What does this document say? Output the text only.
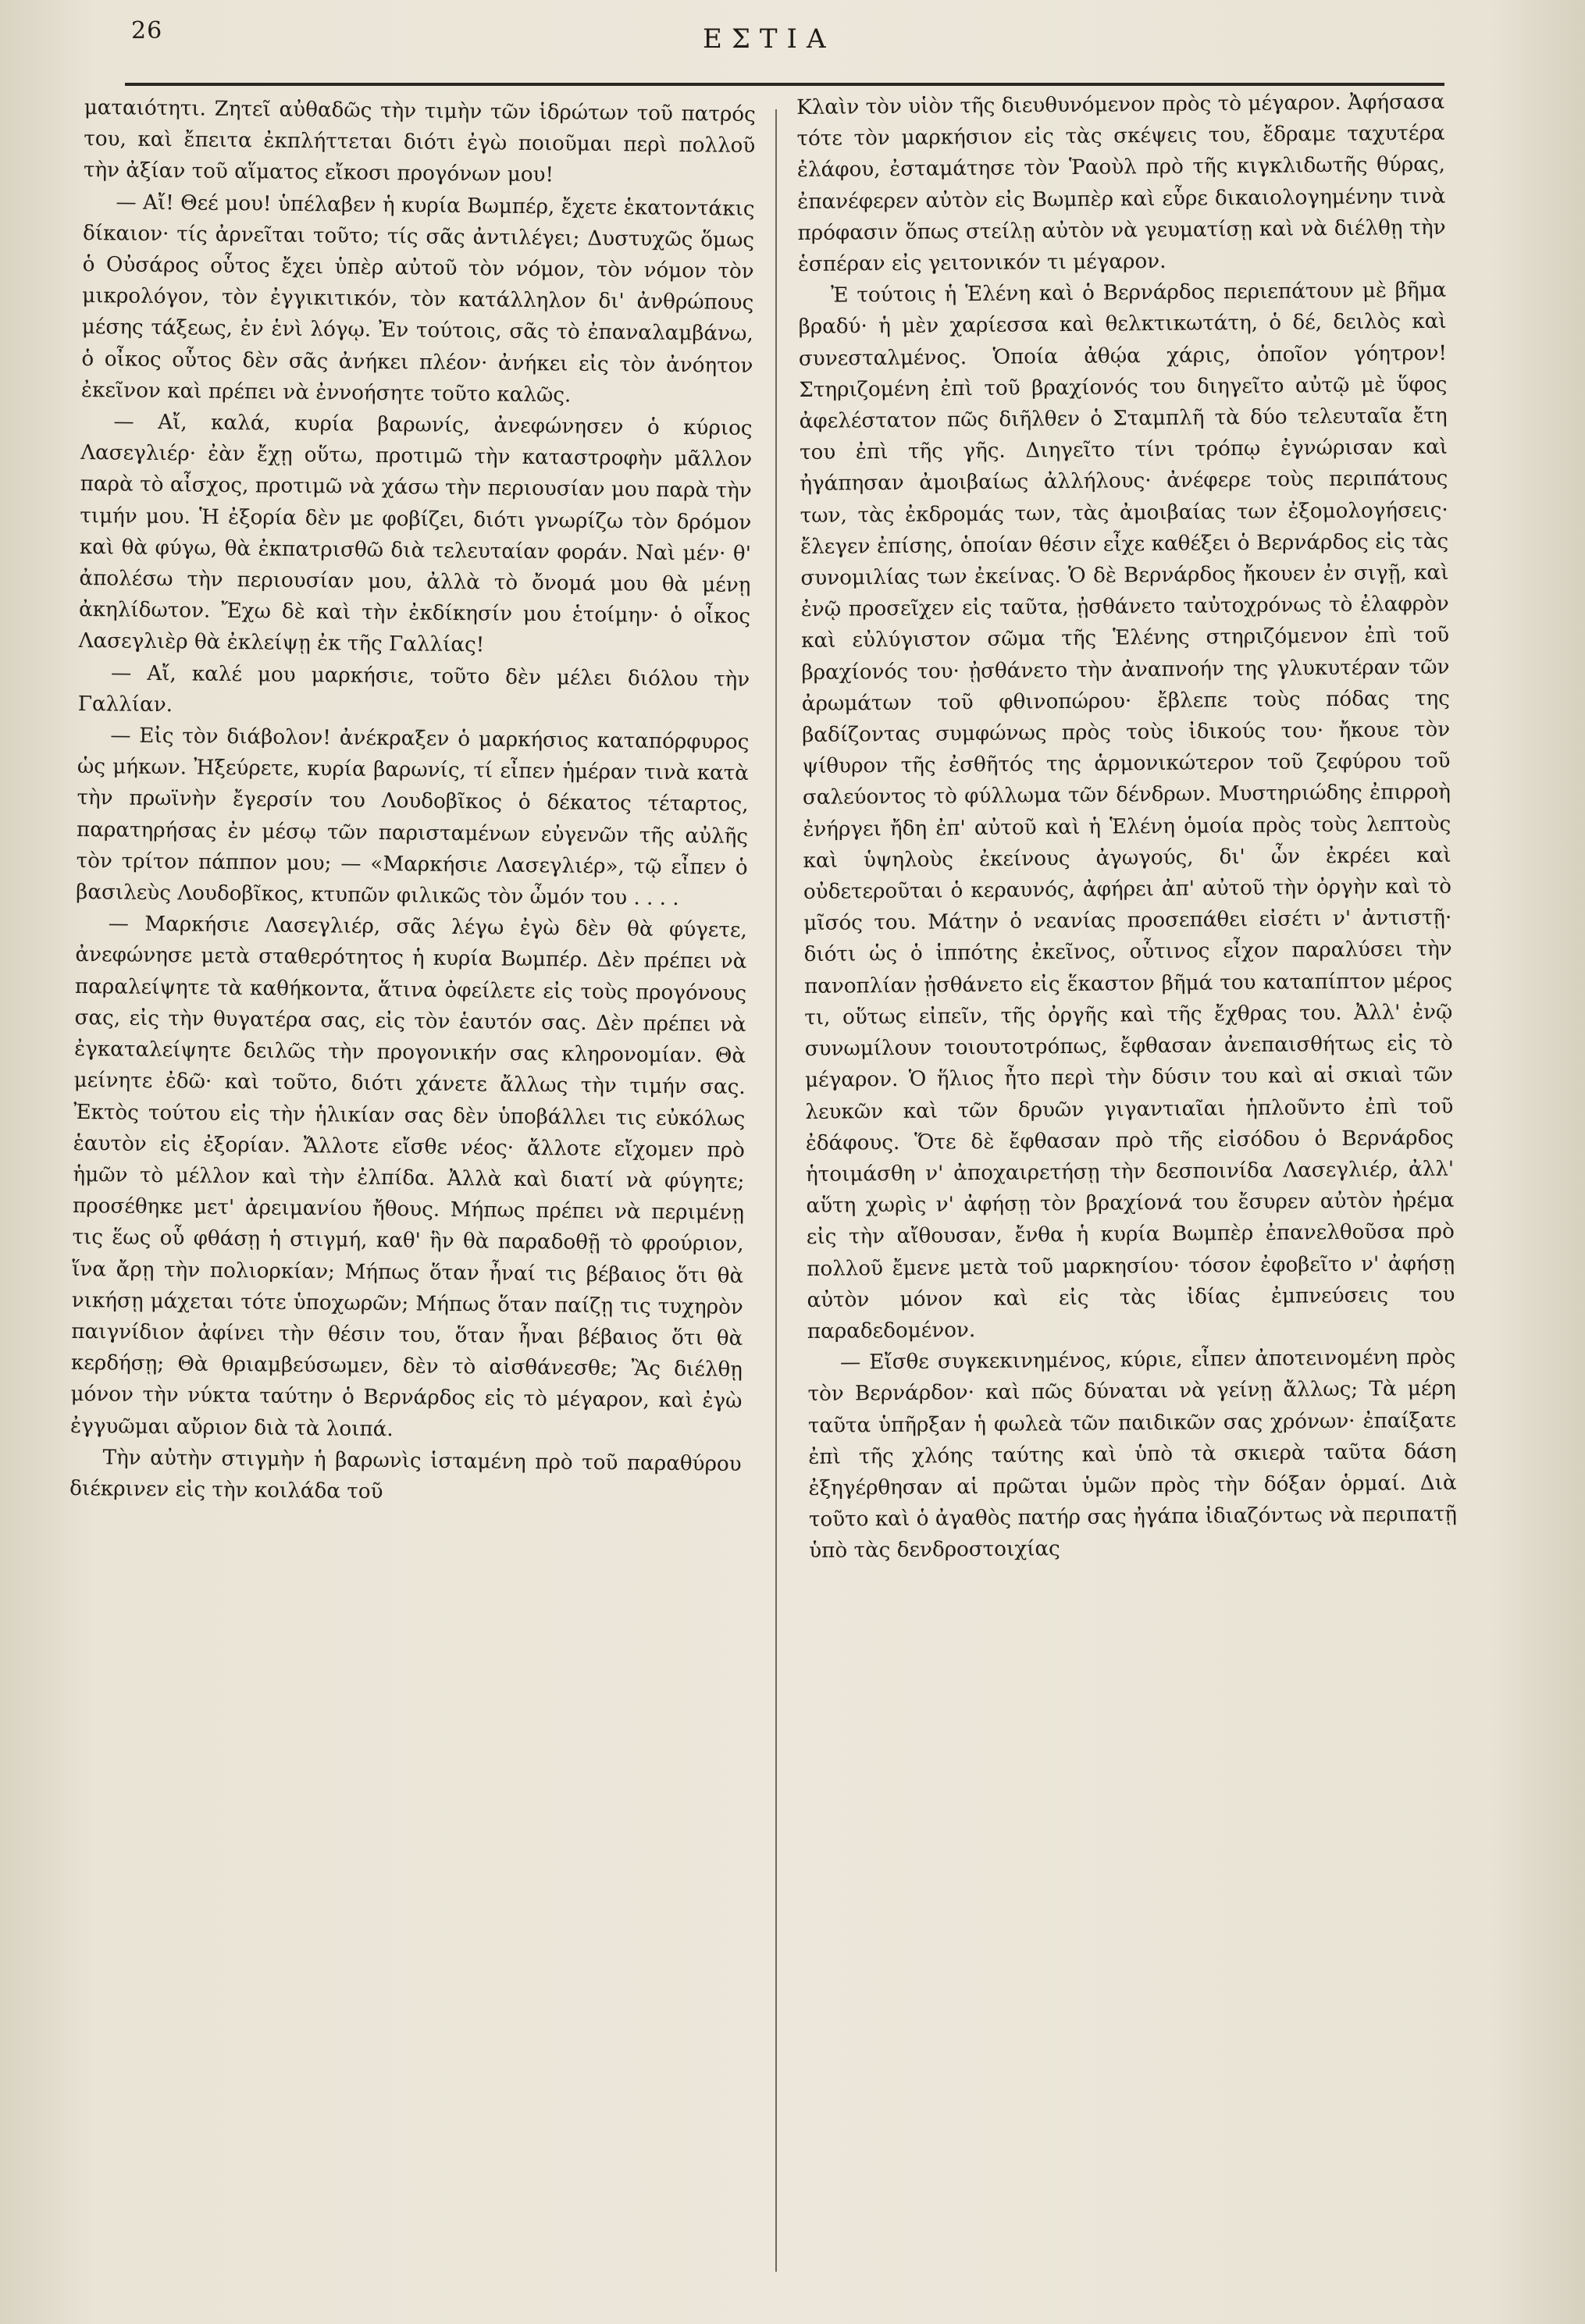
26	ΕΣΤΙΑ

ματαιότητι. Ζητεῖ αὐθαδῶς τὴν τιμὴν τῶν ἱδρώτων τοῦ πατρός του, καὶ ἔπειτα ἐκπλήττεται διότι ἐγὼ ποιοῦμαι περὶ πολλοῦ τὴν ἀξίαν τοῦ αἵματος εἴκοσι προγόνων μου!

— Αἴ! Θεέ μου! ὑπέλαβεν ἡ κυρία Βωμπέρ, ἔχετε ἑκατοντάκις δίκαιον· τίς ἀρνεῖται τοῦτο; τίς σᾶς ἀντιλέγει; Δυστυχῶς ὅμως ὁ Οὐσάρος οὗτος ἔχει ὑπὲρ αὐτοῦ τὸν νόμον, τὸν νόμον τὸν μικρολόγον, τὸν ἐγγικιτικόν, τὸν κατάλληλον δι' ἀνθρώπους μέσης τάξεως, ἐν ἑνὶ λόγῳ. Ἐν τούτοις, σᾶς τὸ ἐπαναλαμβάνω, ὁ οἶκος οὗτος δὲν σᾶς ἀνήκει πλέον· ἀνήκει εἰς τὸν ἀνόητον ἐκεῖνον καὶ πρέπει νὰ ἐννοήσητε τοῦτο καλῶς.

— Αἴ, καλά, κυρία βαρωνίς, ἀνεφώνησεν ὁ κύριος Λασεγλιέρ· ἐὰν ἔχῃ οὕτω, προτιμῶ τὴν καταστροφὴν μᾶλλον παρὰ τὸ αἶσχος, προτιμῶ νὰ χάσω τὴν περιουσίαν μου παρὰ τὴν τιμήν μου. Ἡ ἐξορία δὲν με φοβίζει, διότι γνωρίζω τὸν δρόμον καὶ θὰ φύγω, θὰ ἐκπατρισθῶ διὰ τελευταίαν φοράν. Ναὶ μέν· θ' ἀπολέσω τὴν περιουσίαν μου, ἀλλὰ τὸ ὄνομά μου θὰ μένῃ ἀκηλίδωτον. Ἔχω δὲ καὶ τὴν ἐκδίκησίν μου ἑτοίμην· ὁ οἶκος Λασεγλιὲρ θὰ ἐκλείψῃ ἐκ τῆς Γαλλίας!

— Αἴ, καλέ μου μαρκήσιε, τοῦτο δὲν μέλει διόλου τὴν Γαλλίαν.

— Εἰς τὸν διάβολον! ἀνέκραξεν ὁ μαρκήσιος καταπόρφυρος ὡς μήκων. Ἠξεύρετε, κυρία βαρωνίς, τί εἶπεν ἡμέραν τινὰ κατὰ τὴν πρωϊνὴν ἔγερσίν του Λουδοβῖκος ὁ δέκατος τέταρτος, παρατηρήσας ἐν μέσῳ τῶν παρισταμένων εὐγενῶν τῆς αὐλῆς τὸν τρίτον πάππον μου; — «Μαρκήσιε Λασεγλιέρ», τῷ εἶπεν ὁ βασιλεὺς Λουδοβῖκος, κτυπῶν φιλικῶς τὸν ὦμόν του . . . .

— Μαρκήσιε Λασεγλιέρ, σᾶς λέγω ἐγὼ δὲν θὰ φύγετε, ἀνεφώνησε μετὰ σταθερότητος ἡ κυρία Βωμπέρ. Δὲν πρέπει νὰ παραλείψητε τὰ καθήκοντα, ἅτινα ὀφείλετε εἰς τοὺς προγόνους σας, εἰς τὴν θυγατέρα σας, εἰς τὸν ἑαυτόν σας. Δὲν πρέπει νὰ ἐγκαταλείψητε δειλῶς τὴν προγονικήν σας κληρονομίαν. Θὰ μείνητε ἐδῶ· καὶ τοῦτο, διότι χάνετε ἄλλως τὴν τιμήν σας. Ἐκτὸς τούτου εἰς τὴν ἡλικίαν σας δὲν ὑποβάλλει τις εὐκόλως ἑαυτὸν εἰς ἐξορίαν. Ἄλλοτε εἴσθε νέος· ἄλλοτε εἴχομεν πρὸ ἡμῶν τὸ μέλλον καὶ τὴν ἐλπίδα. Ἀλλὰ καὶ διατί νὰ φύγητε; προσέθηκε μετ' ἀρειμανίου ἤθους. Μήπως πρέπει νὰ περιμένῃ τις ἕως οὗ φθάσῃ ἡ στιγμή, καθ' ἣν θὰ παραδοθῇ τὸ φρούριον, ἵνα ἄρῃ τὴν πολιορκίαν; Μήπως ὅταν ἦναί τις βέβαιος ὅτι θὰ νικήσῃ μάχεται τότε ὑποχωρῶν; Μήπως ὅταν παίζῃ τις τυχηρὸν παιγνίδιον ἀφίνει τὴν θέσιν του, ὅταν ἦναι βέβαιος ὅτι θὰ κερδήσῃ; Θὰ θριαμβεύσωμεν, δὲν τὸ αἰσθάνεσθε; Ἂς διέλθῃ μόνον τὴν νύκτα ταύτην ὁ Βερνάρδος εἰς τὸ μέγαρον, καὶ ἐγὼ ἐγγυῶμαι αὔριον διὰ τὰ λοιπά.

Τὴν αὐτὴν στιγμὴν ἡ βαρωνὶς ἱσταμένη πρὸ τοῦ παραθύρου διέκρινεν εἰς τὴν κοιλάδα τοῦ

Κλαὶν τὸν υἱὸν τῆς διευθυνόμενον πρὸς τὸ μέγαρον. Ἀφήσασα τότε τὸν μαρκήσιον εἰς τὰς σκέψεις του, ἔδραμε ταχυτέρα ἐλάφου, ἐσταμάτησε τὸν Ῥαοὺλ πρὸ τῆς κιγκλιδωτῆς θύρας, ἐπανέφερεν αὐτὸν εἰς Βωμπὲρ καὶ εὗρε δικαιολογημένην τινὰ πρόφασιν ὅπως στείλῃ αὐτὸν νὰ γευματίσῃ καὶ νὰ διέλθῃ τὴν ἑσπέραν εἰς γειτονικόν τι μέγαρον.

Ἐ τούτοις ἡ Ἑλένη καὶ ὁ Βερνάρδος περιεπάτουν μὲ βῆμα βραδύ· ἡ μὲν χαρίεσσα καὶ θελκτικωτάτη, ὁ δέ, δειλὸς καὶ συνεσταλμένος. Ὁποία ἀθῴα χάρις, ὁποῖον γόητρον! Στηριζομένη ἐπὶ τοῦ βραχίονός του διηγεῖτο αὐτῷ μὲ ὕφος ἀφελέστατον πῶς διῆλθεν ὁ Σταμπλῆ τὰ δύο τελευταῖα ἔτη του ἐπὶ τῆς γῆς. Διηγεῖτο τίνι τρόπῳ ἐγνώρισαν καὶ ἠγάπησαν ἀμοιβαίως ἀλλήλους· ἀνέφερε τοὺς περιπάτους των, τὰς ἐκδρομάς των, τὰς ἀμοιβαίας των ἐξομολογήσεις· ἔλεγεν ἐπίσης, ὁποίαν θέσιν εἶχε καθέξει ὁ Βερνάρδος εἰς τὰς συνομιλίας των ἐκείνας. Ὁ δὲ Βερνάρδος ἤκουεν ἐν σιγῇ, καὶ ἐνῷ προσεῖχεν εἰς ταῦτα, ᾐσθάνετο ταὐτοχρόνως τὸ ἐλαφρὸν καὶ εὐλύγιστον σῶμα τῆς Ἑλένης στηριζόμενον ἐπὶ τοῦ βραχίονός του· ᾐσθάνετο τὴν ἀναπνοήν της γλυκυτέραν τῶν ἀρωμάτων τοῦ φθινοπώρου· ἔβλεπε τοὺς πόδας της βαδίζοντας συμφώνως πρὸς τοὺς ἰδικούς του· ἤκουε τὸν ψίθυρον τῆς ἐσθῆτός της ἁρμονικώτερον τοῦ ζεφύρου τοῦ σαλεύοντος τὸ φύλλωμα τῶν δένδρων. Μυστηριώδης ἐπιρροὴ ἐνήργει ἤδη ἐπ' αὐτοῦ καὶ ἡ Ἑλένη ὁμοία πρὸς τοὺς λεπτοὺς καὶ ὑψηλοὺς ἐκείνους ἀγωγούς, δι' ὧν ἐκρέει καὶ οὐδετεροῦται ὁ κεραυνός, ἀφήρει ἀπ' αὐτοῦ τὴν ὀργὴν καὶ τὸ μῖσός του. Μάτην ὁ νεανίας προσεπάθει εἰσέτι ν' ἀντιστῇ· διότι ὡς ὁ ἱππότης ἐκεῖνος, οὗτινος εἶχον παραλύσει τὴν πανοπλίαν ᾐσθάνετο εἰς ἕκαστον βῆμά του καταπίπτον μέρος τι, οὕτως εἰπεῖν, τῆς ὀργῆς καὶ τῆς ἔχθρας του. Ἀλλ' ἐνῷ συνωμίλουν τοιουτοτρόπως, ἔφθασαν ἀνεπαισθήτως εἰς τὸ μέγαρον. Ὁ ἥλιος ἦτο περὶ τὴν δύσιν του καὶ αἱ σκιαὶ τῶν λευκῶν καὶ τῶν δρυῶν γιγαντιαῖαι ἡπλοῦντο ἐπὶ τοῦ ἐδάφους. Ὅτε δὲ ἔφθασαν πρὸ τῆς εἰσόδου ὁ Βερνάρδος ἡτοιμάσθη ν' ἀποχαιρετήσῃ τὴν δεσποινίδα Λασεγλιέρ, ἀλλ' αὕτη χωρὶς ν' ἀφήσῃ τὸν βραχίονά του ἔσυρεν αὐτὸν ἠρέμα εἰς τὴν αἴθουσαν, ἔνθα ἡ κυρία Βωμπὲρ ἐπανελθοῦσα πρὸ πολλοῦ ἔμενε μετὰ τοῦ μαρκησίου· τόσον ἐφοβεῖτο ν' ἀφήσῃ αὐτὸν μόνον καὶ εἰς τὰς ἰδίας ἐμπνεύσεις του παραδεδομένον.

— Εἴσθε συγκεκινημένος, κύριε, εἶπεν ἀποτεινομένη πρὸς τὸν Βερνάρδον· καὶ πῶς δύναται νὰ γείνῃ ἄλλως; Τὰ μέρη ταῦτα ὑπῆρξαν ἡ φωλεὰ τῶν παιδικῶν σας χρόνων· ἐπαίξατε ἐπὶ τῆς χλόης ταύτης καὶ ὑπὸ τὰ σκιερὰ ταῦτα δάση ἐξηγέρθησαν αἱ πρῶται ὑμῶν πρὸς τὴν δόξαν ὁρμαί. Διὰ τοῦτο καὶ ὁ ἀγαθὸς πατήρ σας ἠγάπα ἰδιαζόντως νὰ περιπατῇ ὑπὸ τὰς δενδροστοιχίας
